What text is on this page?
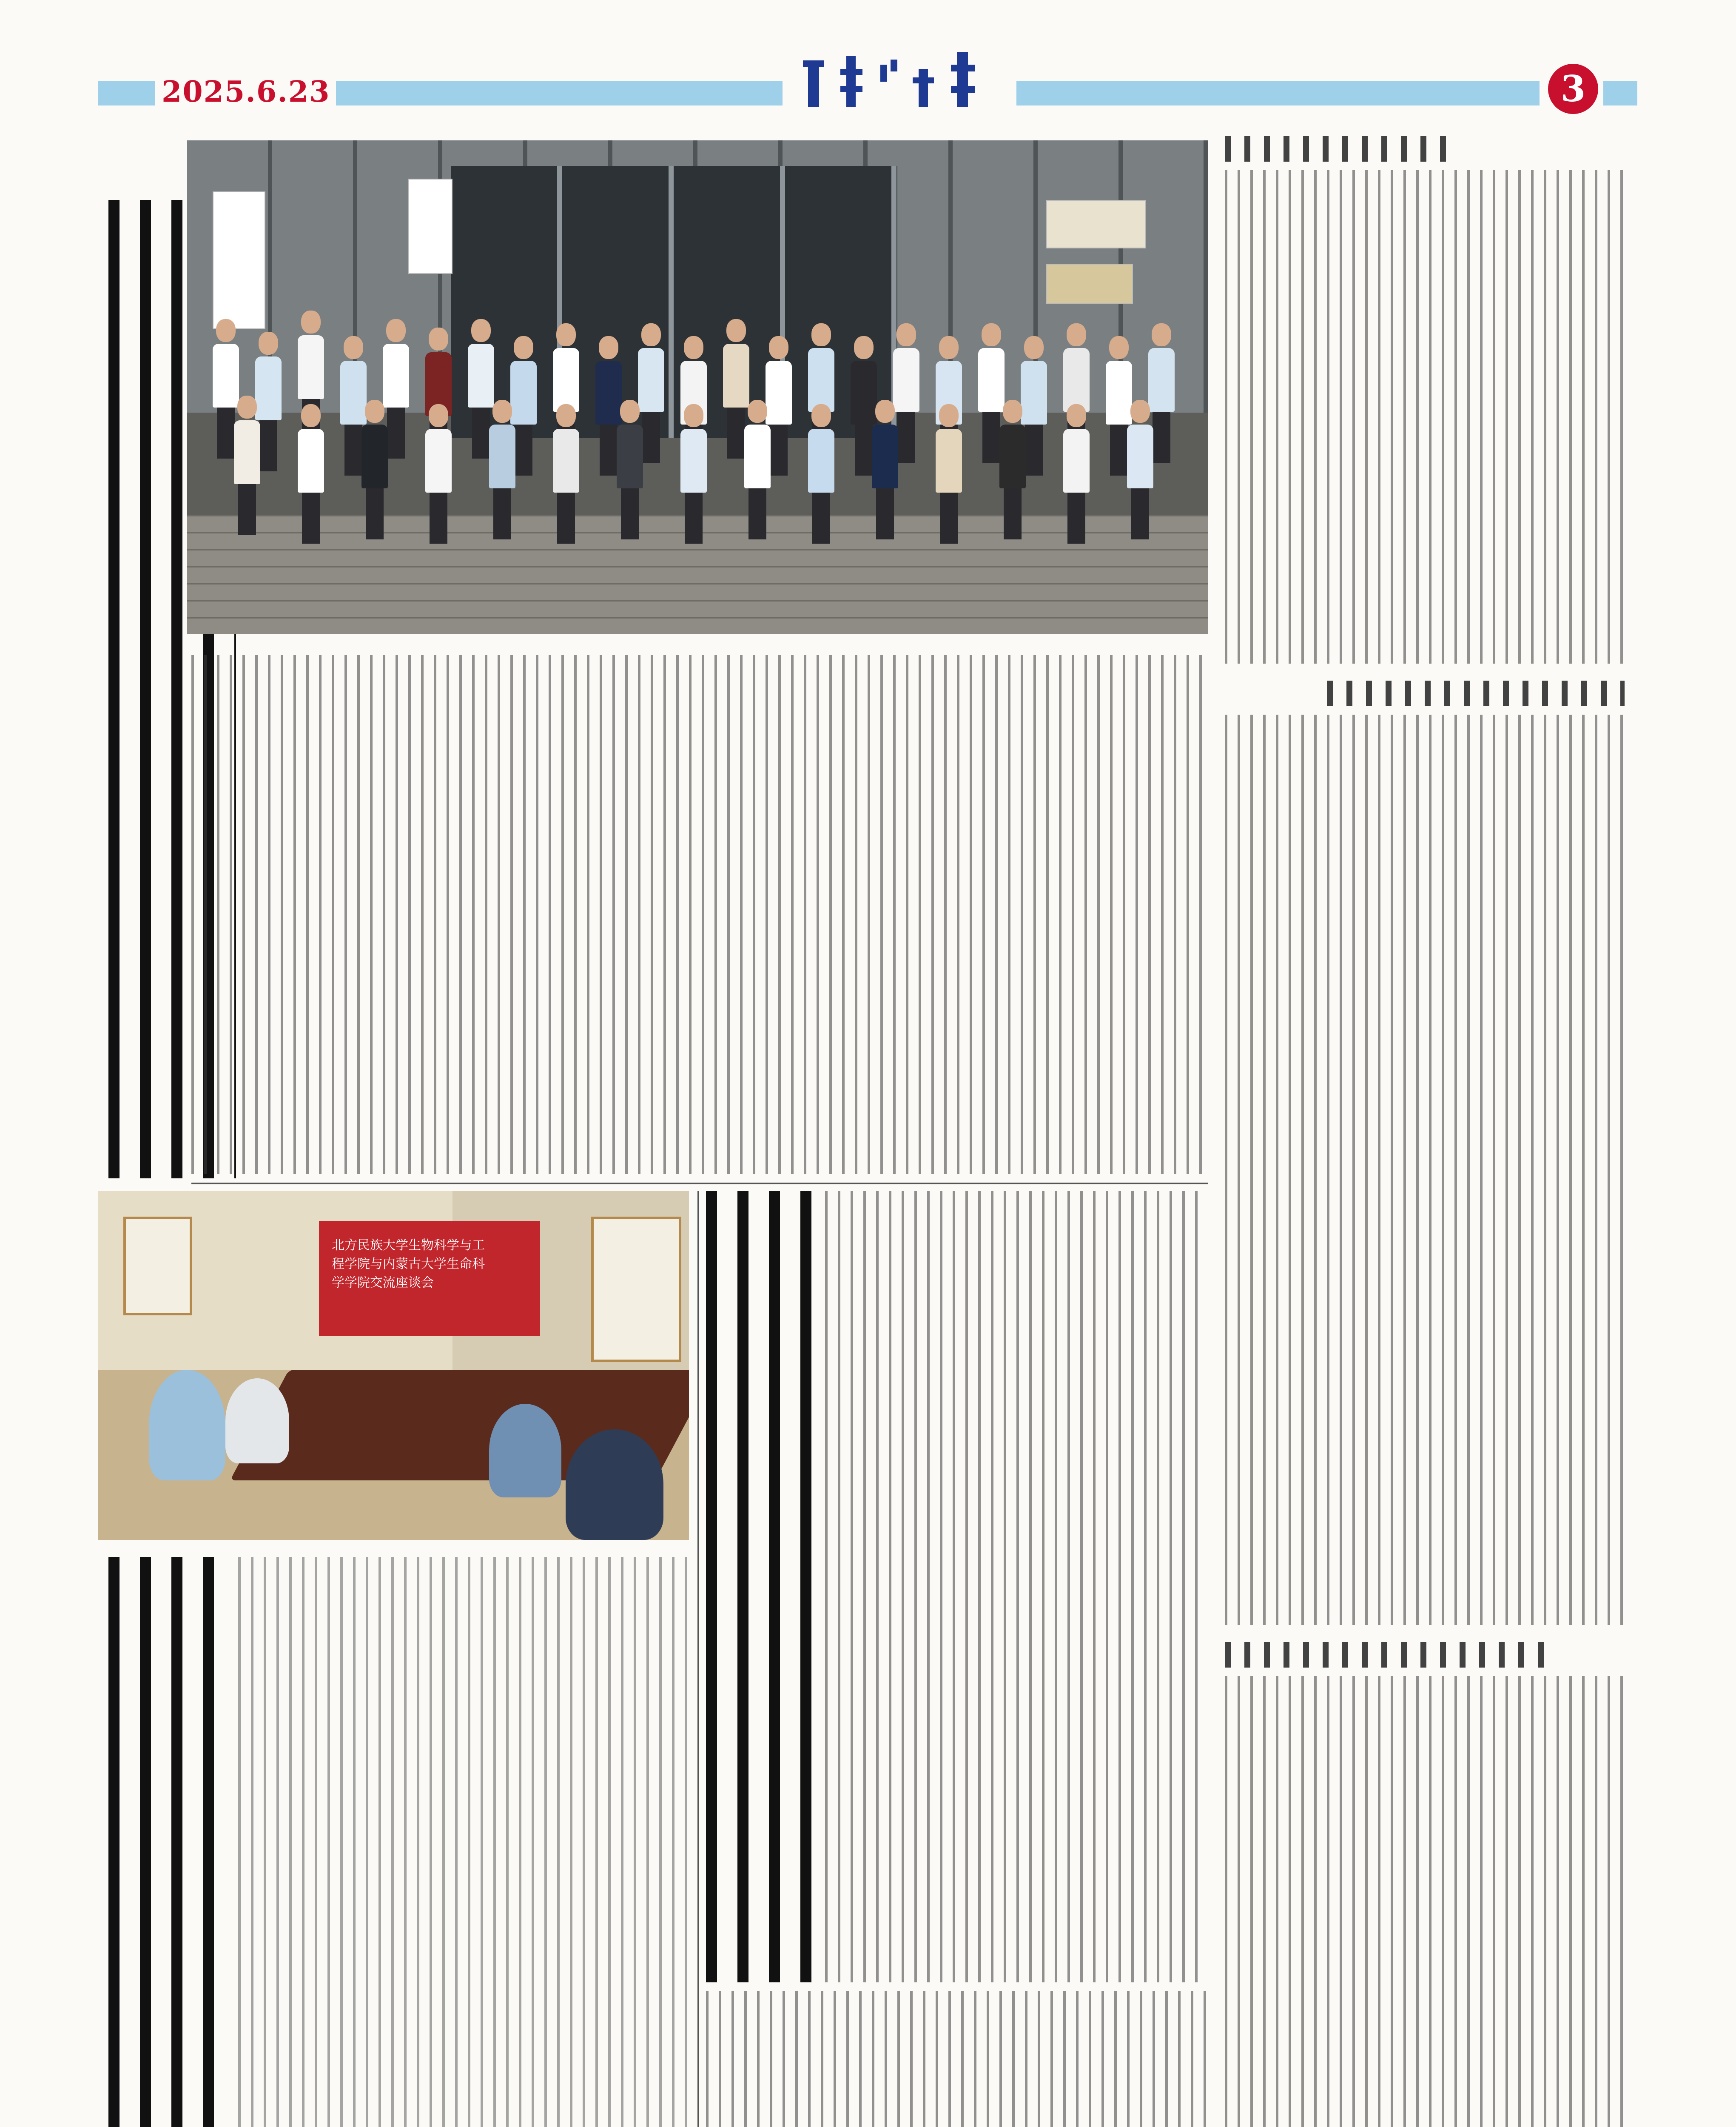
2025.6.23	3
北方民族大学生物科学与工
程学院与内蒙古大学生命科
学学院交流座谈会
